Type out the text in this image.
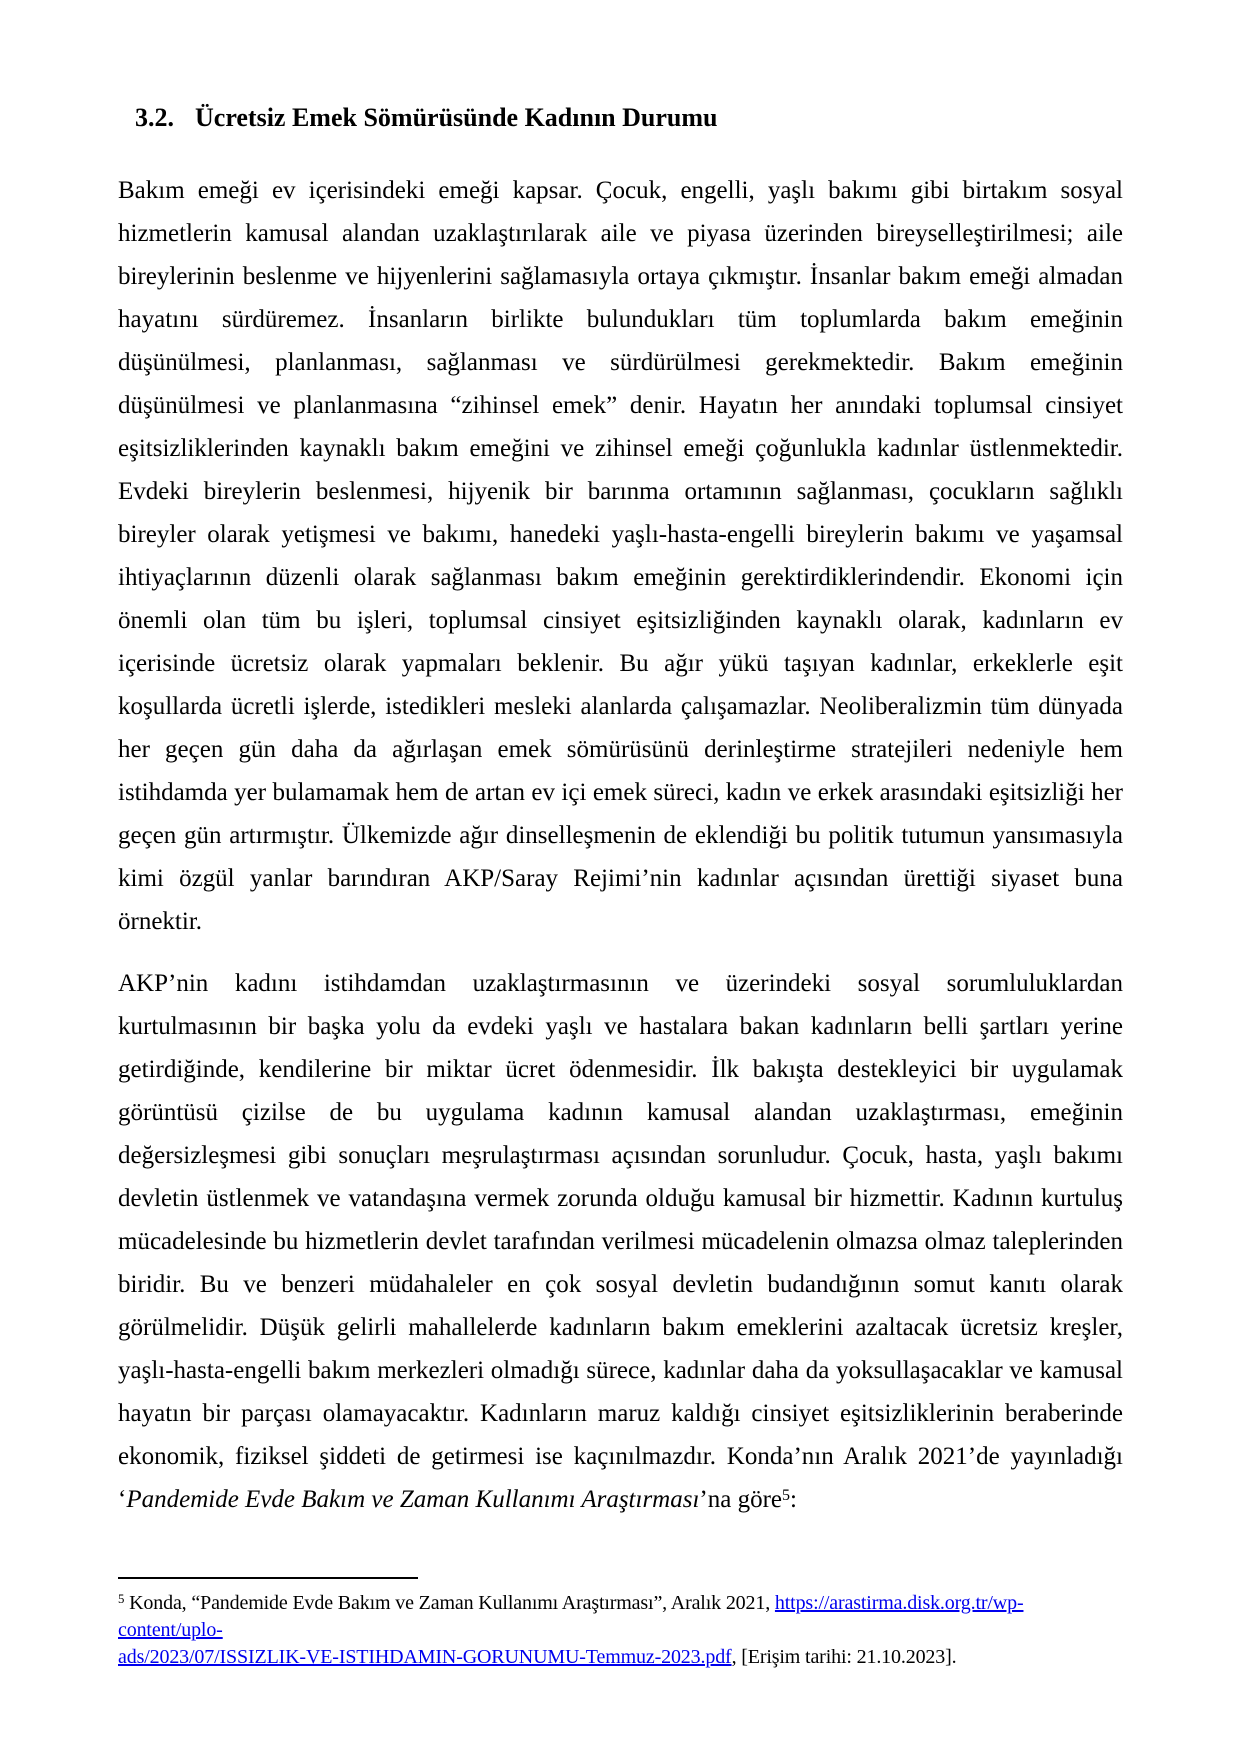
3.2. Ücretsiz Emek Sömürüsünde Kadının Durumu

Bakım emeği ev içerisindeki emeği kapsar. Çocuk, engelli, yaşlı bakımı gibi birtakım sosyal hizmetlerin kamusal alandan uzaklaştırılarak aile ve piyasa üzerinden bireyselleştirilmesi; aile bireylerinin beslenme ve hijyenlerini sağlamasıyla ortaya çıkmıştır. İnsanlar bakım emeği almadan hayatını sürdüremez. İnsanların birlikte bulundukları tüm toplumlarda bakım emeğinin düşünülmesi, planlanması, sağlanması ve sürdürülmesi gerekmektedir. Bakım emeğinin düşünülmesi ve planlanmasına “zihinsel emek” denir. Hayatın her anındaki toplumsal cinsiyet eşitsizliklerinden kaynaklı bakım emeğini ve zihinsel emeği çoğunlukla kadınlar üstlenmektedir. Evdeki bireylerin beslenmesi, hijyenik bir barınma ortamının sağlanması, çocukların sağlıklı bireyler olarak yetişmesi ve bakımı, hanedeki yaşlı-hasta-engelli bireylerin bakımı ve yaşamsal ihtiyaçlarının düzenli olarak sağlanması bakım emeğinin gerektirdiklerindendir. Ekonomi için önemli olan tüm bu işleri, toplumsal cinsiyet eşitsizliğinden kaynaklı olarak, kadınların ev içerisinde ücretsiz olarak yapmaları beklenir. Bu ağır yükü taşıyan kadınlar, erkeklerle eşit koşullarda ücretli işlerde, istedikleri mesleki alanlarda çalışamazlar. Neoliberalizmin tüm dünyada her geçen gün daha da ağırlaşan emek sömürüsünü derinleştirme stratejileri nedeniyle hem istihdamda yer bulamamak hem de artan ev içi emek süreci, kadın ve erkek arasındaki eşitsizliği her geçen gün artırmıştır. Ülkemizde ağır dinselleşmenin de eklendiği bu politik tutumun yansımasıyla kimi özgül yanlar barındıran AKP/Saray Rejimi’nin kadınlar açısından ürettiği siyaset buna örnektir.

AKP’nin kadını istihdamdan uzaklaştırmasının ve üzerindeki sosyal sorumluluklardan kurtulmasının bir başka yolu da evdeki yaşlı ve hastalara bakan kadınların belli şartları yerine getirdiğinde, kendilerine bir miktar ücret ödenmesidir. İlk bakışta destekleyici bir uygulamak görüntüsü çizilse de bu uygulama kadının kamusal alandan uzaklaştırması, emeğinin değersizleşmesi gibi sonuçları meşrulaştırması açısından sorunludur. Çocuk, hasta, yaşlı bakımı devletin üstlenmek ve vatandaşına vermek zorunda olduğu kamusal bir hizmettir. Kadının kurtuluş mücadelesinde bu hizmetlerin devlet tarafından verilmesi mücadelenin olmazsa olmaz taleplerinden biridir. Bu ve benzeri müdahaleler en çok sosyal devletin budandığının somut kanıtı olarak görülmelidir. Düşük gelirli mahallelerde kadınların bakım emeklerini azaltacak ücretsiz kreşler, yaşlı-hasta-engelli bakım merkezleri olmadığı sürece, kadınlar daha da yoksullaşacaklar ve kamusal hayatın bir parçası olamayacaktır. Kadınların maruz kaldığı cinsiyet eşitsizliklerinin beraberinde ekonomik, fiziksel şiddeti de getirmesi ise kaçınılmazdır. Konda’nın Aralık 2021’de yayınladığı ‘Pandemide Evde Bakım ve Zaman Kullanımı Araştırması’na göre$^5$:

$^5$ Konda, “Pandemide Evde Bakım ve Zaman Kullanımı Araştırması”, Aralık 2021, https://arastirma.disk.org.tr/wp-content/uplo-
ads/2023/07/ISSIZLIK-VE-ISTIHDAMIN-GORUNUMU-Temmuz-2023.pdf, [Erişim tarihi: 21.10.2023].
